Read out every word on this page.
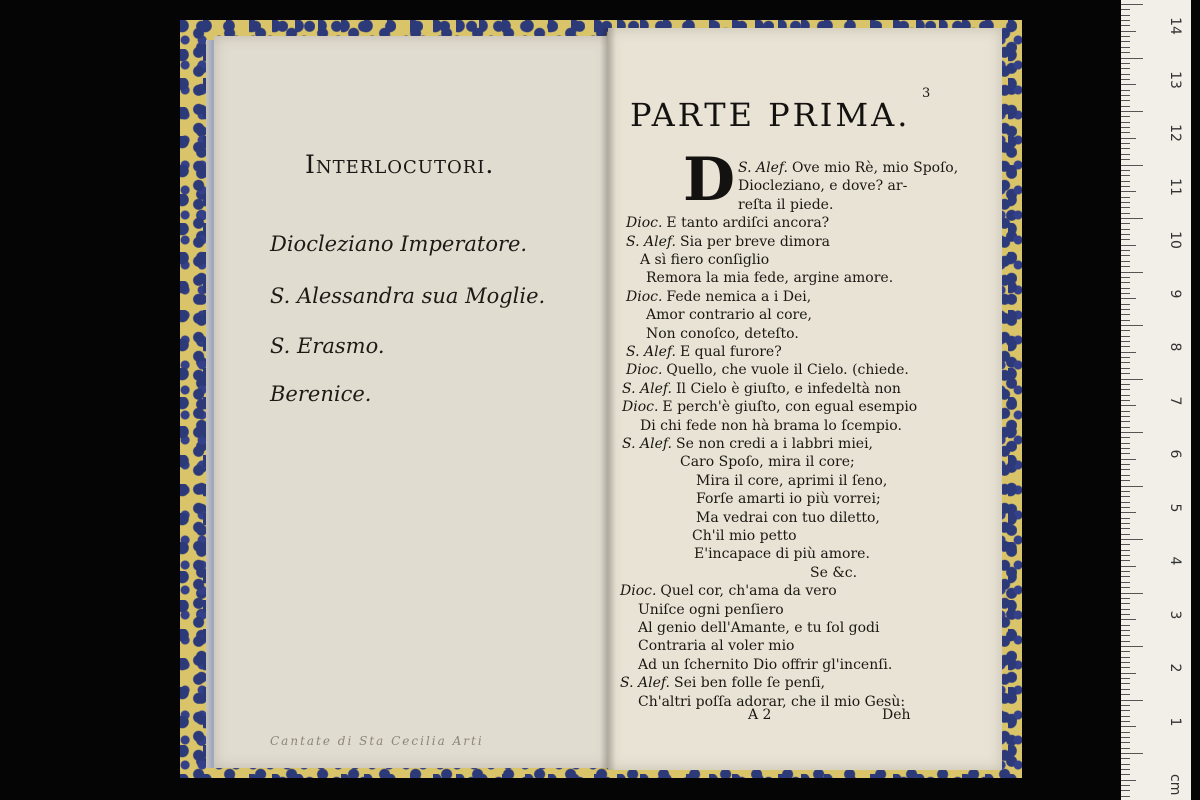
Interlocutori.
Diocleziano Imperatore.
S. Alessandra sua Moglie.
S. Erasmo.
Berenice.
Cantate di Sta Cecilia Arti
3
PARTE PRIMA.
D S. Alef. Ove mio Rè, mio Spoſo,
Diocleziano, e dove? ar-
reſta il piede.
Dioc. E tanto ardiſci ancora?
S. Alef. Sia per breve dimora
A sì fiero conſiglio
Remora la mia fede, argine amore.
Dioc. Fede nemica a i Dei,
Amor contrario al core,
Non conoſco, deteſto.
S. Alef. E qual furore?
Dioc. Quello, che vuole il Cielo. (chiede.
S. Alef. Il Cielo è giuſto, e infedeltà non
Dioc. E perch'è giuſto, con egual esempio
Di chi fede non hà brama lo ſcempio.
S. Alef. Se non credi a i labbri miei,
Caro Spoſo, mira il core;
Mira il core, aprimi il ſeno,
Forſe amarti io più vorrei;
Ma vedrai con tuo diletto,
Ch'il mio petto
E'incapace di più amore.
Se &c.
Dioc. Quel cor, ch'ama da vero
Uniſce ogni penſiero
Al genio dell'Amante, e tu ſol godi
Contraria al voler mio
Ad un ſchernito Dio offrir gl'incenſi.
S. Alef. Sei ben folle ſe penſi,
Ch'altri poſſa adorar, che il mio Gesù:
A 2	Deh
cm
14
13
12
11
10
9
8
7
6
5
4
3
2
1
